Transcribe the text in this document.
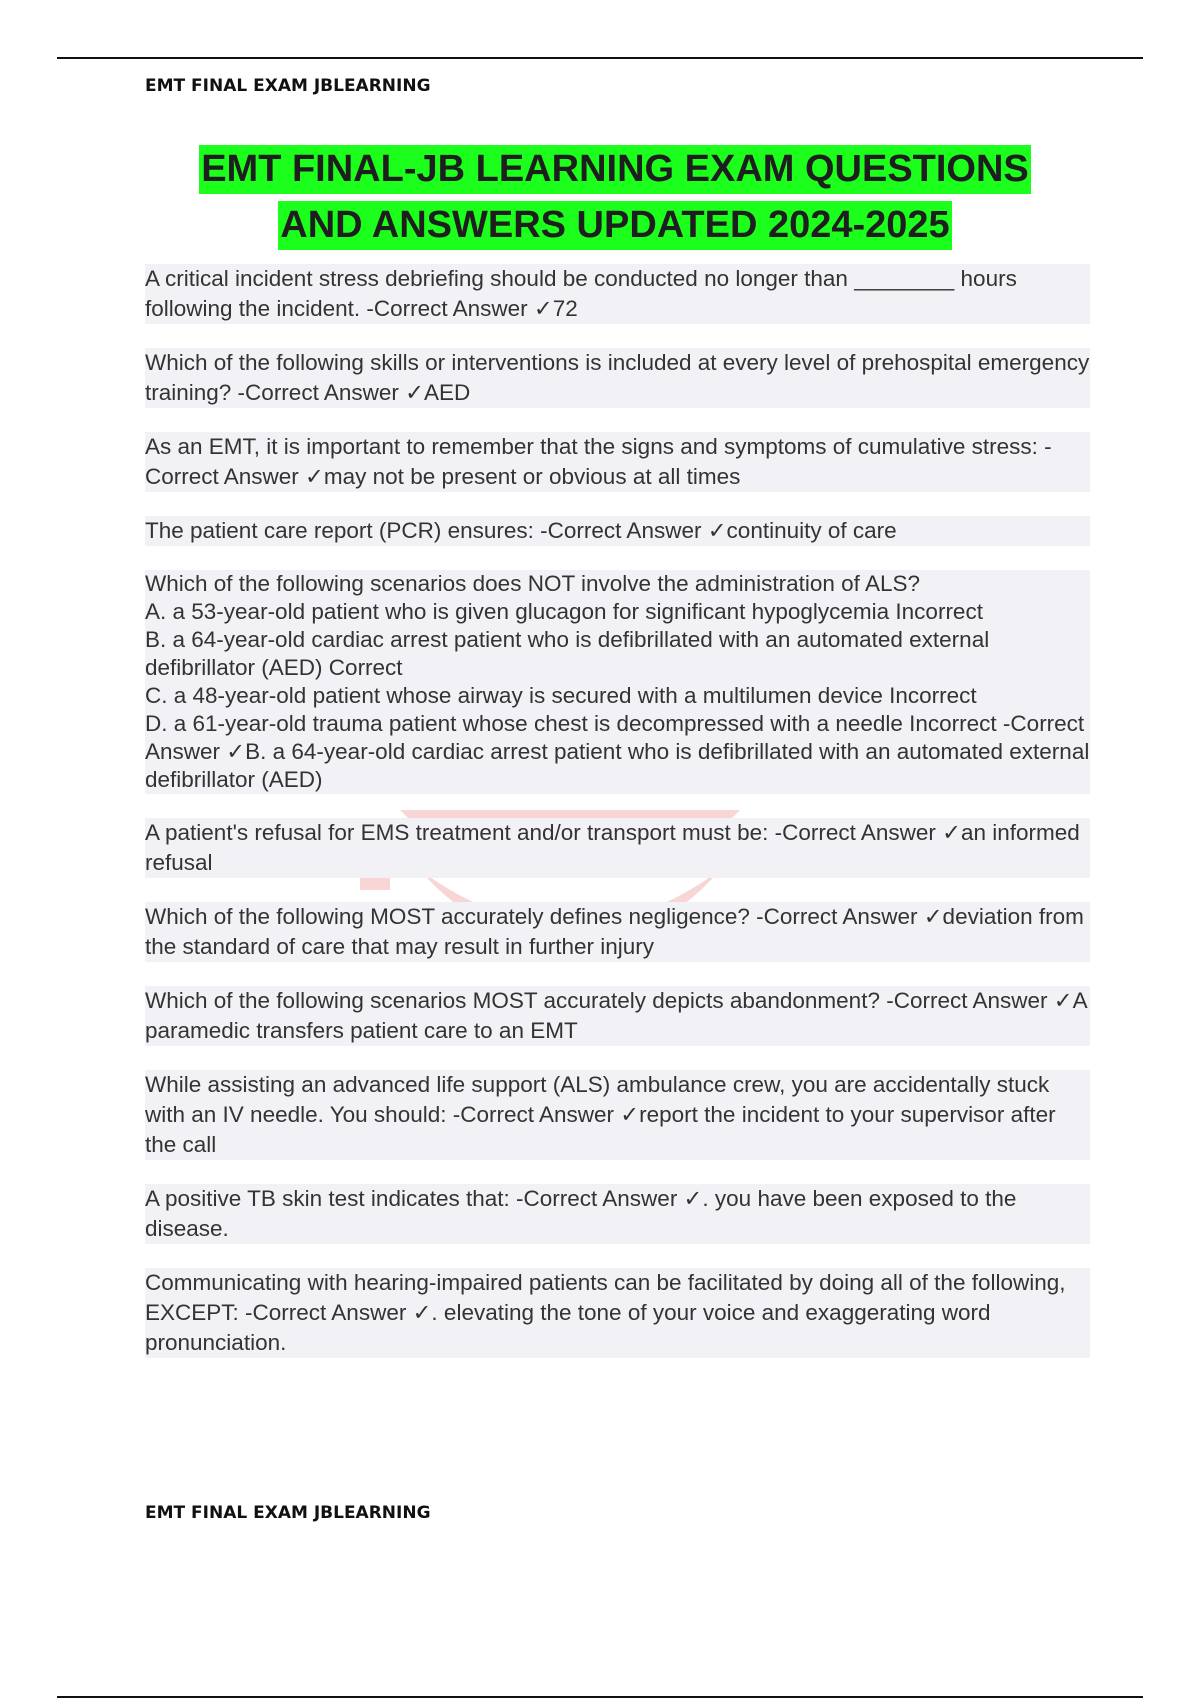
EMT FINAL EXAM JBLEARNING
EMT FINAL-JB LEARNING EXAM QUESTIONS
AND ANSWERS UPDATED 2024-2025

A critical incident stress debriefing should be conducted no longer than ________ hours following the incident. -Correct Answer ✓72

Which of the following skills or interventions is included at every level of prehospital emergency training? -Correct Answer ✓AED

As an EMT, it is important to remember that the signs and symptoms of cumulative stress: -Correct Answer ✓may not be present or obvious at all times

The patient care report (PCR) ensures: -Correct Answer ✓continuity of care

Which of the following scenarios does NOT involve the administration of ALS?

A. a 53-year-old patient who is given glucagon for significant hypoglycemia Incorrect

B. a 64-year-old cardiac arrest patient who is defibrillated with an automated external defibrillator (AED) Correct

C. a 48-year-old patient whose airway is secured with a multilumen device Incorrect

D. a 61-year-old trauma patient whose chest is decompressed with a needle Incorrect -Correct Answer ✓B. a 64-year-old cardiac arrest patient who is defibrillated with an automated external defibrillator (AED)

A patient's refusal for EMS treatment and/or transport must be: -Correct Answer ✓an informed refusal

Which of the following MOST accurately defines negligence? -Correct Answer ✓deviation from the standard of care that may result in further injury

Which of the following scenarios MOST accurately depicts abandonment? -Correct Answer ✓A paramedic transfers patient care to an EMT

While assisting an advanced life support (ALS) ambulance crew, you are accidentally stuck with an IV needle. You should: -Correct Answer ✓report the incident to your supervisor after the call

A positive TB skin test indicates that: -Correct Answer ✓. you have been exposed to the disease.

Communicating with hearing-impaired patients can be facilitated by doing all of the following, EXCEPT: -Correct Answer ✓. elevating the tone of your voice and exaggerating word pronunciation.

EMT FINAL EXAM JBLEARNING
